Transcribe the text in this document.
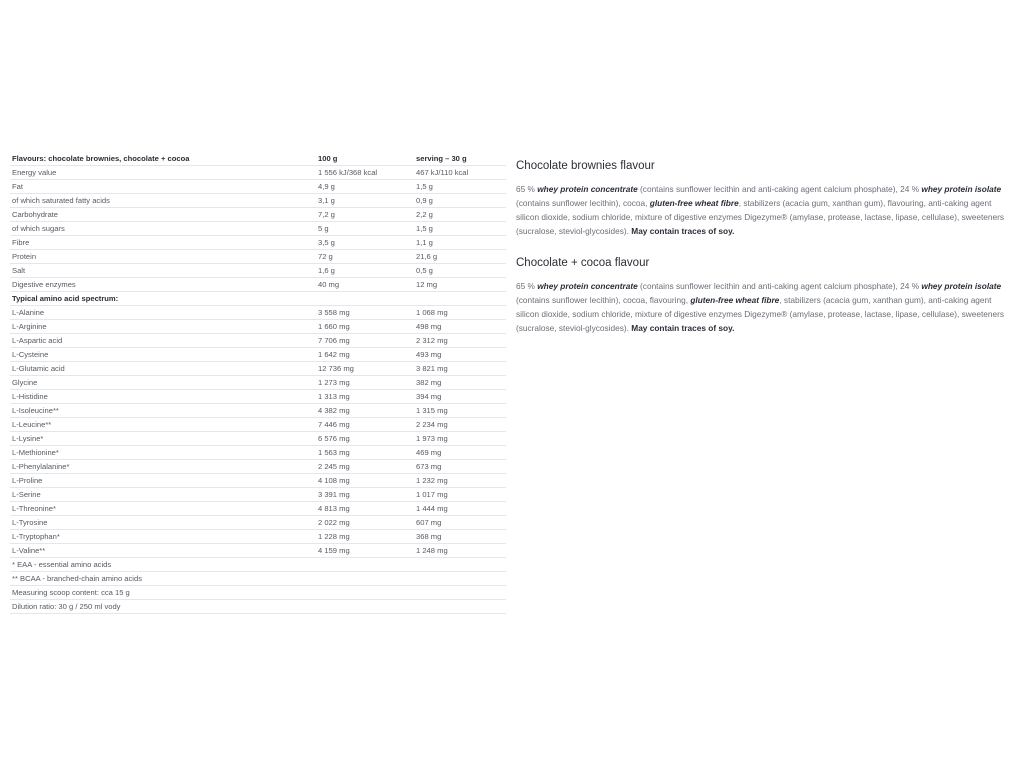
Flavours: chocolate brownies, chocolate + cocoa	100 g	serving – 30 g
Energy value	1 556 kJ/368 kcal	467 kJ/110 kcal
Fat	4,9 g	1,5 g
of which saturated fatty acids	3,1 g	0,9 g
Carbohydrate	7,2 g	2,2 g
of which sugars	5 g	1,5 g
Fibre	3,5 g	1,1 g
Protein	72 g	21,6 g
Salt	1,6 g	0,5 g
Digestive enzymes	40 mg	12 mg
Typical amino acid spectrum:		
L-Alanine	3 558 mg	1 068 mg
L-Arginine	1 660 mg	498 mg
L-Aspartic acid	7 706 mg	2 312 mg
L-Cysteine	1 642 mg	493 mg
L-Glutamic acid	12 736 mg	3 821 mg
Glycine	1 273 mg	382 mg
L-Histidine	1 313 mg	394 mg
L-Isoleucine**	4 382 mg	1 315 mg
L-Leucine**	7 446 mg	2 234 mg
L-Lysine*	6 576 mg	1 973 mg
L-Methionine*	1 563 mg	469 mg
L-Phenylalanine*	2 245 mg	673 mg
L-Proline	4 108 mg	1 232 mg
L-Serine	3 391 mg	1 017 mg
L-Threonine*	4 813 mg	1 444 mg
L-Tyrosine	2 022 mg	607 mg
L-Tryptophan*	1 228 mg	368 mg
L-Valine**	4 159 mg	1 248 mg
* EAA - essential amino acids		
** BCAA - branched-chain amino acids		
Measuring scoop content: cca 15 g		
Dilution ratio: 30 g / 250 ml vody		
Chocolate brownies flavour

65 % whey protein concentrate (contains sunflower lecithin and anti-caking agent calcium phosphate), 24 % whey protein isolate (contains sunflower lecithin), cocoa, gluten-free wheat fibre, stabilizers (acacia gum, xanthan gum), flavouring, anti-caking agent silicon dioxide, sodium chloride, mixture of digestive enzymes Digezyme® (amylase, protease, lactase, lipase, cellulase), sweeteners (sucralose, steviol-glycosides). May contain traces of soy.

Chocolate + cocoa flavour

65 % whey protein concentrate (contains sunflower lecithin and anti-caking agent calcium phosphate), 24 % whey protein isolate (contains sunflower lecithin), cocoa, flavouring, gluten-free wheat fibre, stabilizers (acacia gum, xanthan gum), anti-caking agent silicon dioxide, sodium chloride, mixture of digestive enzymes Digezyme® (amylase, protease, lactase, lipase, cellulase), sweeteners (sucralose, steviol-glycosides). May contain traces of soy.
